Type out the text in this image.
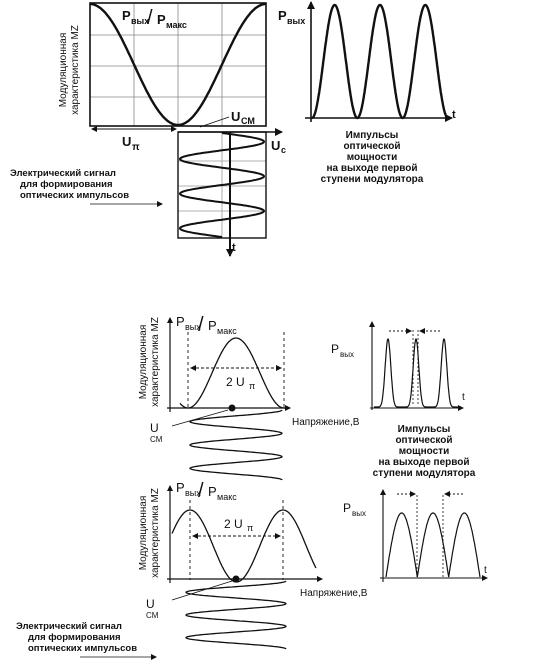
Модуляционная характеристика MZ
P вых
/ P макс
U π
U СМ
U c
t
Электрический сигнал
для формирования
оптических импульсов
P вых
t
Импульсы
оптической
мощности
на выходе первой
ступени модулятора
Модуляционная характеристика MZ P вых
/ P макс
2 U π
U
СМ
Напряжение,В
P вых
t
Импульсы
оптической
мощности
на выходе первой
ступени модулятора
Модуляционная характеристика MZ
P вых
/ P макс
2 U π
U
СМ
Напряжение,В
Электрический сигнал
для формирования
оптических импульсов
P вых
t
